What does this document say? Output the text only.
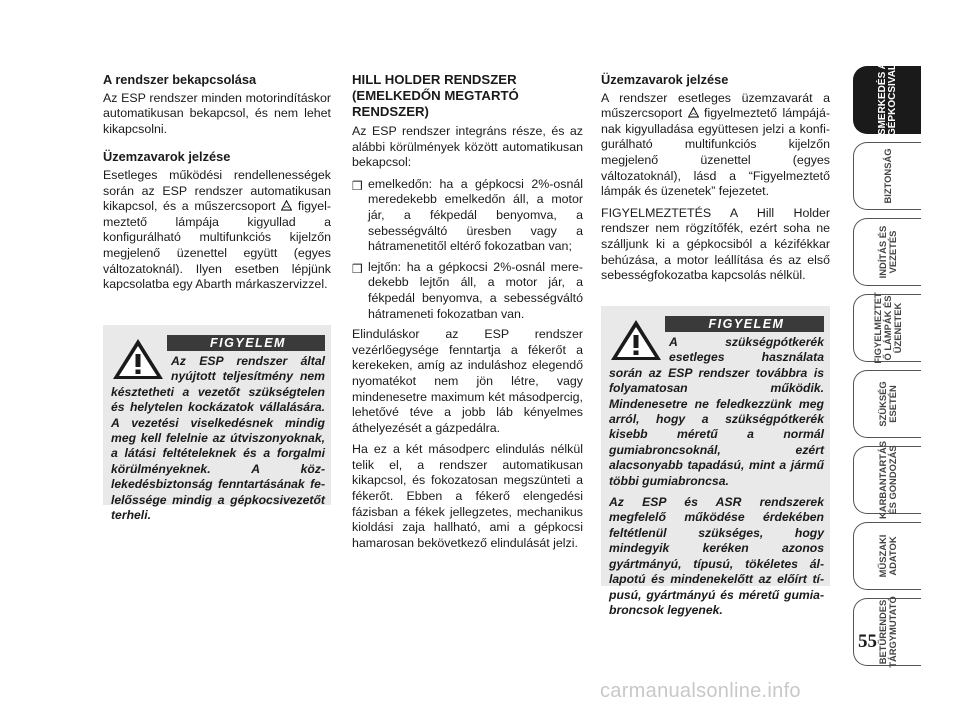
A rendszer bekapcsolása
Az ESP rendszer minden motorindításkor automatikusan bekapcsol, és nem lehet kikapcsolni.
Üzemzavarok jelzése
Esetleges működési rendellenességek során az ESP rendszer automatikusan kikapcsol, és a műszercsoport figyelmeztető lámpája kigyullad a konfigurálható multifunkciós kijelzőn megjelenő üzenettel együtt (egyes változatoknál). Ilyen esetben lépjünk kapcsolatba egy Abarth márkaszervizzel.
FIGYELEM
Az ESP rendszer által nyújtott teljesítmény nem késztetheti a vezetőt szükségtelen és helytelen kockázatok vállalására. A vezetési viselkedésnek mindig meg kell felelnie az útviszonyoknak, a látási feltételeknek és a forgalmi körülményeknek. A közlekedésbiztonság fenntartásának felelőssége mindig a gépkocsivezetőt terheli.
HILL HOLDER RENDSZER (EMELKEDŐN MEGTARTÓ RENDSZER)
Az ESP rendszer integráns része, és az alábbi körülmények között automatikusan bekapcsol:
❒ emelkedőn: ha a gépkocsi 2%-osnál meredekebb emelkedőn áll, a motor jár, a fékpedál benyomva, a sebességváltó üresben vagy a hátramenetitől eltérő fokozatban van;
❒ lejtőn: ha a gépkocsi 2%-osnál meredekebb lejtőn áll, a motor jár, a fékpedál benyomva, a sebességváltó hátrameneti fokozatban van.
Elinduláskor az ESP rendszer vezérlőegysége fenntartja a fékerőt a kerekeken, amíg az induláshoz elegendő nyomatékot nem jön létre, vagy mindenesetre maximum két másodpercig, lehetővé téve a jobb láb kényelmes áthelyezését a gázpedálra.
Ha ez a két másodperc elindulás nélkül telik el, a rendszer automatikusan kikapcsol, és fokozatosan megszünteti a fékerőt. Ebben a fékerő elengedési fázisban a fékek jellegzetes, mechanikus kioldási zaja hallható, ami a gépkocsi hamarosan bekövetkező elindulását jelzi.
Üzemzavarok jelzése
A rendszer esetleges üzemzavarát a műszercsoport figyelmeztető lámpájának kigyulladása együttesen jelzi a konfigurálható multifunkciós kijelzőn megjelenő üzenettel (egyes változatoknál), lásd a “Figyelmeztető lámpák és üzenetek” fejezetet.
FIGYELMEZTETÉS A Hill Holder rendszer nem rögzítőfék, ezért soha ne szálljunk ki a gépkocsiból a kézifékkar behúzása, a motor leállítása és az első sebességfokozatba kapcsolás nélkül.
FIGYELEM
A szükségpótkerék esetleges használata során az ESP rendszer továbbra is folyamatosan működik. Mindenesetre ne feledkezzünk meg arról, hogy a szükségpótkerék kisebb méretű a normál gumiabroncsoknál, ezért alacsonyabb tapadású, mint a jármű többi gumiabroncsa.
Az ESP és ASR rendszerek megfelelő működése érdekében feltétlenül szükséges, hogy mindegyik keréken azonos gyártmányú, típusú, tökéletes állapotú és mindenekelőtt az előírt típusú, gyártmányú és méretű gumiabroncsok legyenek.
ISMERKEDÉS A
GÉPKOCSIVAL
BIZTONSÁG
INDÍTÁS ÉS
VEZETÉS
FIGYELMEZTET
Ő LÁMPÁK ÉS
ÜZENETEK
SZÜKSÉG
ESETÉN
KARBANTARTÁS
ÉS GONDOZÁS
MŰSZAKI
ADATOK
BETŰRENDES
TÁRGYMUTATÓ
55
carmanualsonline.info
